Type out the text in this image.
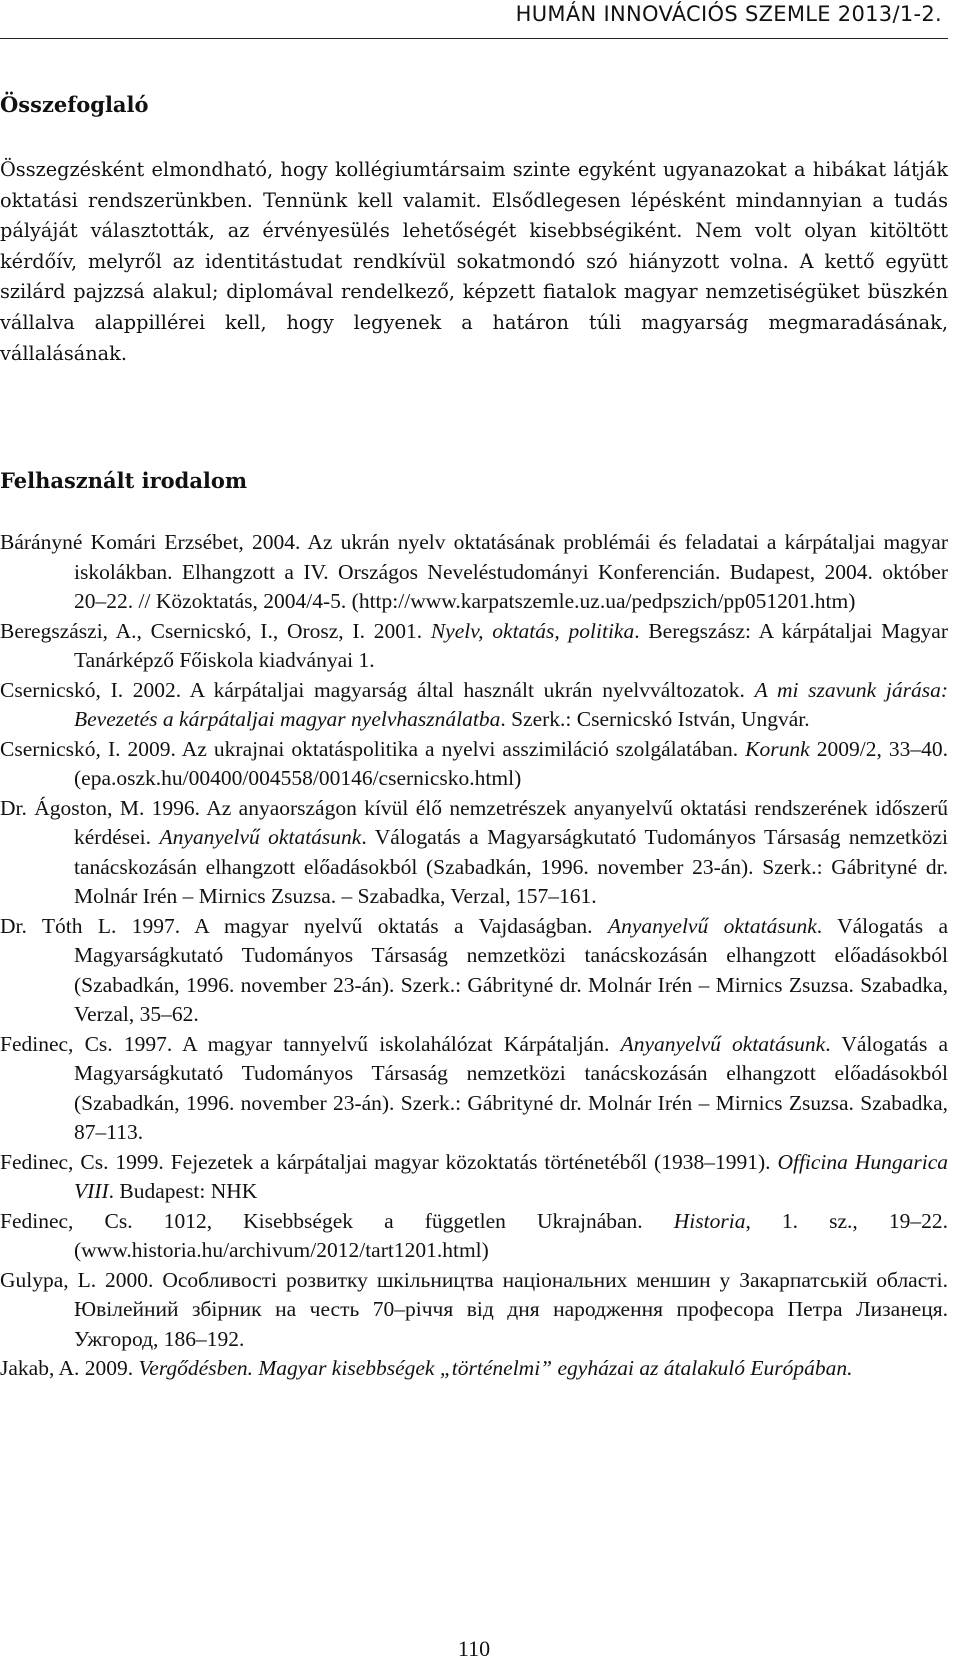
HUMÁN INNOVÁCIÓS SZEMLE 2013/1-2.
Összefoglaló

Összegzésként elmondható, hogy kollégiumtársaim szinte egyként ugyanazokat a hibákat látják oktatási rendszerünkben. Tennünk kell valamit. Elsődlegesen lépésként mindannyian a tudás pályáját választották, az érvényesülés lehetőségét kisebbségiként. Nem volt olyan kitöltött kérdőív, melyről az identitástudat rendkívül sokatmondó szó hiányzott volna. A kettő együtt szilárd pajzzsá alakul; diplomával rendelkező, képzett fiatalok magyar nemzetiségüket büszkén vállalva alappillérei kell, hogy legyenek a határon túli magyarság megmaradásának, vállalásának.

Felhasznált irodalom
Bárányné Komári Erzsébet, 2004. Az ukrán nyelv oktatásának problémái és feladatai a kárpátaljai magyar iskolákban. Elhangzott a IV. Országos Neveléstudományi Konferencián. Budapest, 2004. október 20–22. // Közoktatás, 2004/4-5. (http://www.karpatszemle.uz.ua/pedpszich/pp051201.htm)
Beregszászi, A., Csernicskó, I., Orosz, I. 2001. Nyelv, oktatás, politika. Beregszász: A kárpátaljai Magyar Tanárképző Főiskola kiadványai 1.
Csernicskó, I. 2002. A kárpátaljai magyarság által használt ukrán nyelvváltozatok. A mi szavunk járása: Bevezetés a kárpátaljai magyar nyelvhasználatba. Szerk.: Csernicskó István, Ungvár.
Csernicskó, I. 2009. Az ukrajnai oktatáspolitika a nyelvi asszimiláció szolgálatában. Korunk 2009/2, 33–40. (epa.oszk.hu/00400/004558/00146/csernicsko.html)
Dr. Ágoston, M. 1996. Az anyaországon kívül élő nemzetrészek anyanyelvű oktatási rendszerének időszerű kérdései. Anyanyelvű oktatásunk. Válogatás a Magyarságkutató Tudományos Társaság nemzetközi tanácskozásán elhangzott előadásokból (Szabadkán, 1996. november 23-án). Szerk.: Gábrityné dr. Molnár Irén – Mirnics Zsuzsa. – Szabadka, Verzal, 157–161.
Dr. Tóth L. 1997. A magyar nyelvű oktatás a Vajdaságban. Anyanyelvű oktatásunk. Válogatás a Magyarságkutató Tudományos Társaság nemzetközi tanácskozásán elhangzott előadásokból (Szabadkán, 1996. november 23-án). Szerk.: Gábrityné dr. Molnár Irén – Mirnics Zsuzsa. Szabadka, Verzal, 35–62.
Fedinec, Cs. 1997. A magyar tannyelvű iskolahálózat Kárpátalján. Anyanyelvű oktatásunk. Válogatás a Magyarságkutató Tudományos Társaság nemzetközi tanácskozásán elhangzott előadásokból (Szabadkán, 1996. november 23-án). Szerk.: Gábrityné dr. Molnár Irén – Mirnics Zsuzsa. Szabadka, 87–113.
Fedinec, Cs. 1999. Fejezetek a kárpátaljai magyar közoktatás történetéből (1938–1991). Officina Hungarica VIII. Budapest: NHK
Fedinec, Cs. 1012, Kisebbségek a független Ukrajnában. Historia, 1. sz., 19–22. (www.historia.hu/archivum/2012/tart1201.html)
Gulypa, L. 2000. Особливості розвитку шкільництва національних меншин у Закарпатській області. Ювілейний збірник на честь 70–річчя від дня народження професора Петра Лизанеця. Ужгород, 186–192.
Jakab, A. 2009. Vergődésben. Magyar kisebbségek „történelmi” egyházai az átalakuló Európában.
110
